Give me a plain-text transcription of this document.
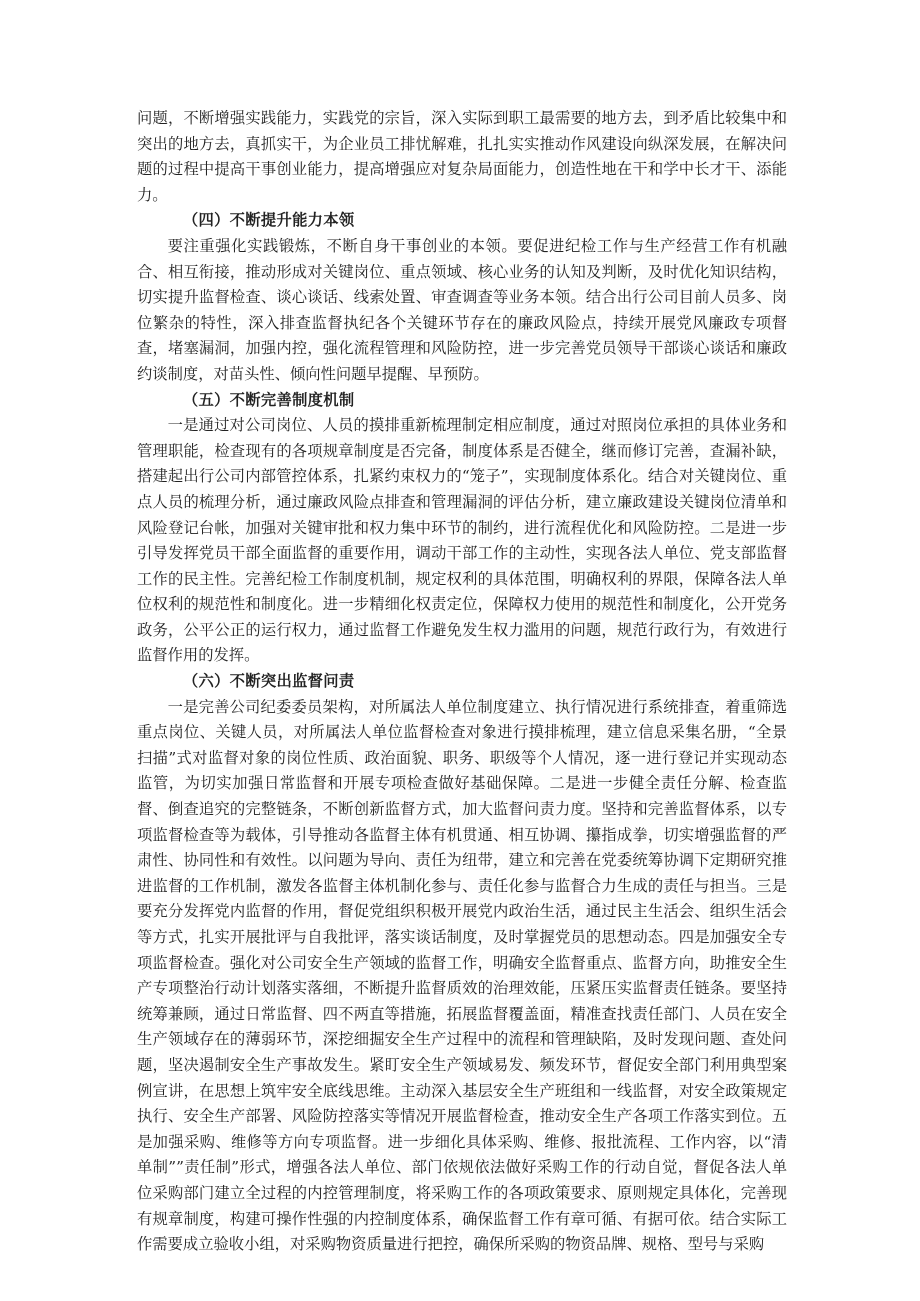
问题，不断增强实践能力，实践党的宗旨，深入实际到职工最需要的地方去，到矛盾比较集中和突出的地方去，真抓实干，为企业员工排忧解难，扎扎实实推动作风建设向纵深发展，在解决问题的过程中提高干事创业能力，提高增强应对复杂局面能力，创造性地在干和学中长才干、添能力。

（四）不断提升能力本领

要注重强化实践锻炼，不断自身干事创业的本领。要促进纪检工作与生产经营工作有机融合、相互衔接，推动形成对关键岗位、重点领域、核心业务的认知及判断，及时优化知识结构，切实提升监督检查、谈心谈话、线索处置、审查调查等业务本领。结合出行公司目前人员多、岗位繁杂的特性，深入排查监督执纪各个关键环节存在的廉政风险点，持续开展党风廉政专项督查，堵塞漏洞，加强内控，强化流程管理和风险防控，进一步完善党员领导干部谈心谈话和廉政约谈制度，对苗头性、倾向性问题早提醒、早预防。

（五）不断完善制度机制

一是通过对公司岗位、人员的摸排重新梳理制定相应制度，通过对照岗位承担的具体业务和管理职能，检查现有的各项规章制度是否完备，制度体系是否健全，继而修订完善，查漏补缺，搭建起出行公司内部管控体系，扎紧约束权力的“笼子”，实现制度体系化。结合对关键岗位、重点人员的梳理分析，通过廉政风险点排查和管理漏洞的评估分析，建立廉政建设关键岗位清单和风险登记台帐，加强对关键审批和权力集中环节的制约，进行流程优化和风险防控。二是进一步引导发挥党员干部全面监督的重要作用，调动干部工作的主动性，实现各法人单位、党支部监督工作的民主性。完善纪检工作制度机制，规定权利的具体范围，明确权利的界限，保障各法人单位权利的规范性和制度化。进一步精细化权责定位，保障权力使用的规范性和制度化，公开党务政务，公平公正的运行权力，通过监督工作避免发生权力滥用的问题，规范行政行为，有效进行监督作用的发挥。

（六）不断突出监督问责

一是完善公司纪委委员架构，对所属法人单位制度建立、执行情况进行系统排查，着重筛选重点岗位、关键人员，对所属法人单位监督检查对象进行摸排梳理，建立信息采集名册，“全景扫描”式对监督对象的岗位性质、政治面貌、职务、职级等个人情况，逐一进行登记并实现动态监管，为切实加强日常监督和开展专项检查做好基础保障。二是进一步健全责任分解、检查监督、倒查追究的完整链条，不断创新监督方式，加大监督问责力度。坚持和完善监督体系，以专项监督检查等为载体，引导推动各监督主体有机贯通、相互协调、攥指成拳，切实增强监督的严肃性、协同性和有效性。以问题为导向、责任为纽带，建立和完善在党委统筹协调下定期研究推进监督的工作机制，激发各监督主体机制化参与、责任化参与监督合力生成的责任与担当。三是要充分发挥党内监督的作用，督促党组织积极开展党内政治生活，通过民主生活会、组织生活会等方式，扎实开展批评与自我批评，落实谈话制度，及时掌握党员的思想动态。四是加强安全专项监督检查。强化对公司安全生产领域的监督工作，明确安全监督重点、监督方向，助推安全生产专项整治行动计划落实落细，不断提升监督质效的治理效能，压紧压实监督责任链条。要坚持统筹兼顾，通过日常监督、四不两直等措施，拓展监督覆盖面，精准查找责任部门、人员在安全生产领域存在的薄弱环节，深挖细掘安全生产过程中的流程和管理缺陷，及时发现问题、查处问题，坚决遏制安全生产事故发生。紧盯安全生产领域易发、频发环节，督促安全部门利用典型案例宣讲，在思想上筑牢安全底线思维。主动深入基层安全生产班组和一线监督，对安全政策规定执行、安全生产部署、风险防控落实等情况开展监督检查，推动安全生产各项工作落实到位。五是加强采购、维修等方向专项监督。进一步细化具体采购、维修、报批流程、工作内容，以“清单制””责任制”形式，增强各法人单位、部门依规依法做好采购工作的行动自觉，督促各法人单位采购部门建立全过程的内控管理制度，将采购工作的各项政策要求、原则规定具体化，完善现有规章制度，构建可操作性强的内控制度体系，确保监督工作有章可循、有据可依。结合实际工作需要成立验收小组，对采购物资质量进行把控，确保所采购的物资品牌、规格、型号与采购
